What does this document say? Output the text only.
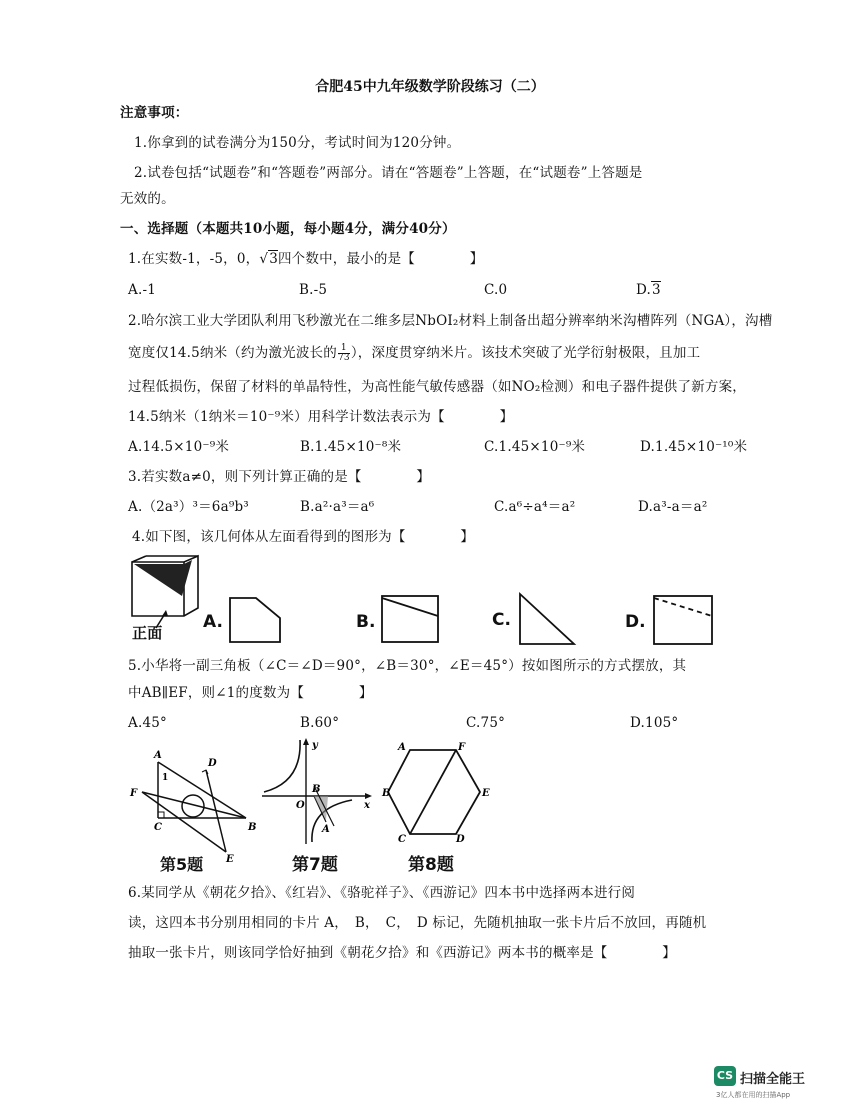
合肥45中九年级数学阶段练习（二）
注意事项：
1.你拿到的试卷满分为150分，考试时间为120分钟。
2.试卷包括“试题卷”和“答题卷”两部分。请在“答题卷”上答题，在“试题卷”上答题是
无效的。
一、选择题（本题共10小题，每小题4分，满分40分）
1.在实数-1，-5，0，√3四个数中，最小的是【　　　　】
A.-1	B.-5	C.0	D.3
2.哈尔滨工业大学团队利用飞秒激光在二维多层NbOI₂材料上制备出超分辨率纳米沟槽阵列（NGA），沟槽
宽度仅14.5纳米（约为激光波长的 $\frac{1}{73}$ ），深度贯穿纳米片。该技术突破了光学衍射极限，且加工
过程低损伤，保留了材料的单晶特性，为高性能气敏传感器（如NO₂检测）和电子器件提供了新方案，
14.5纳米（1纳米＝10⁻⁹米）用科学计数法表示为【　　　　】
A.14.5×10⁻⁹米	B.1.45×10⁻⁸米	C.1.45×10⁻⁹米	D.1.45×10⁻¹⁰米
3.若实数a≠0，则下列计算正确的是【　　　　】
A.（2a³）³＝6a⁹b³	B.a²·a³＝a⁶	C.a⁶÷a⁴＝a²	D.a³-a＝a²
4.如下图，该几何体从左面看得到的图形为【　　　　】
正面
A.	B.	C.	D.
5.小华将一副三角板（∠C＝∠D＝90°，∠B＝30°，∠E＝45°）按如图所示的方式摆放，其
中AB∥EF，则∠1的度数为【　　　　】
A.45°	B.60°	C.75°	D.105°
A
B
C
D
E
F
1
第5题
y
x
O
B
A
第7题
A	F
E
D
C
B
第8题
6.某同学从《朝花夕拾》、《红岩》、《骆驼祥子》、《西游记》四本书中选择两本进行阅
读，这四本书分别用相同的卡片 A，　B，　C，　D 标记，先随机抽取一张卡片后不放回，再随机
抽取一张卡片，则该同学恰好抽到《朝花夕拾》和《西游记》两本书的概率是【　　　　】
CS 扫描全能王
3亿人都在用的扫描App
